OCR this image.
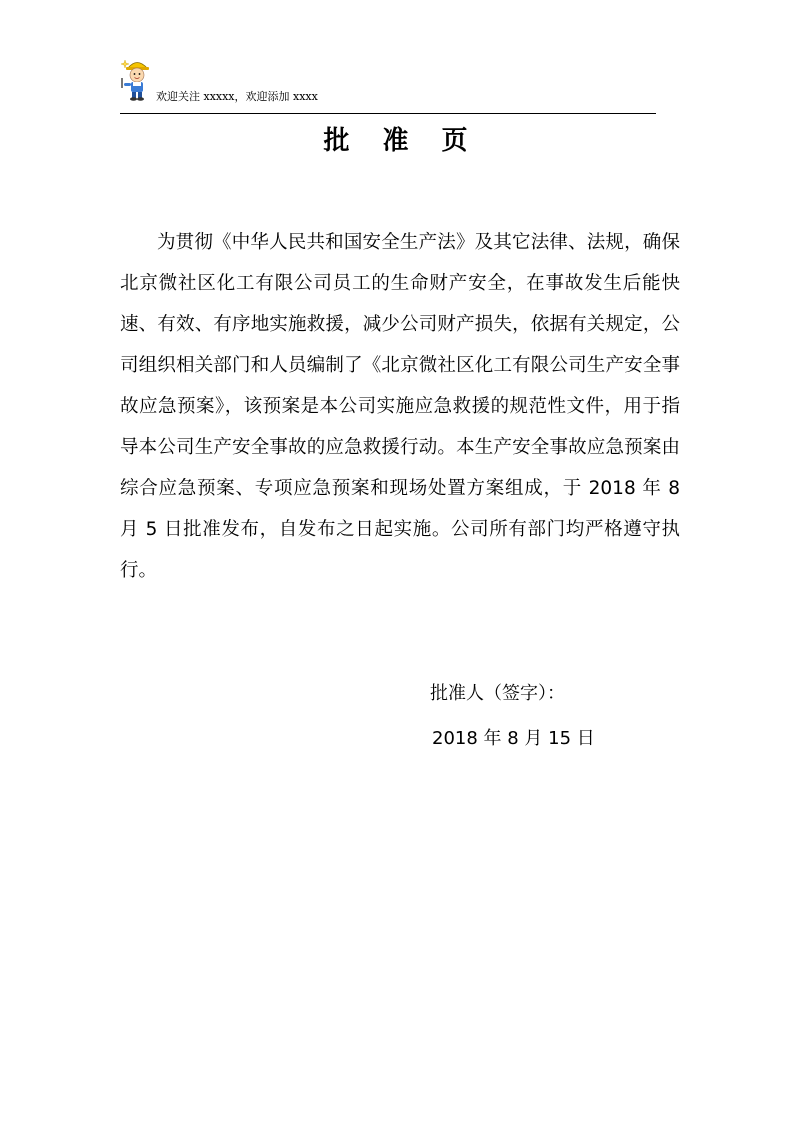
欢迎关注 xxxxx，欢迎添加 xxxx
批 准 页

为贯彻《中华人民共和国安全生产法》及其它法律、法规，确保北京微社区化工有限公司员工的生命财产安全，在事故发生后能快速、有效、有序地实施救援，减少公司财产损失，依据有关规定，公司组织相关部门和人员编制了《北京微社区化工有限公司生产安全事故应急预案》，该预案是本公司实施应急救援的规范性文件，用于指导本公司生产安全事故的应急救援行动。本生产安全事故应急预案由综合应急预案、专项应急预案和现场处置方案组成，于 2018 年 8 月 5 日批准发布，自发布之日起实施。公司所有部门均严格遵守执行。

批准人（签字）：
2018 年 8 月 15 日
